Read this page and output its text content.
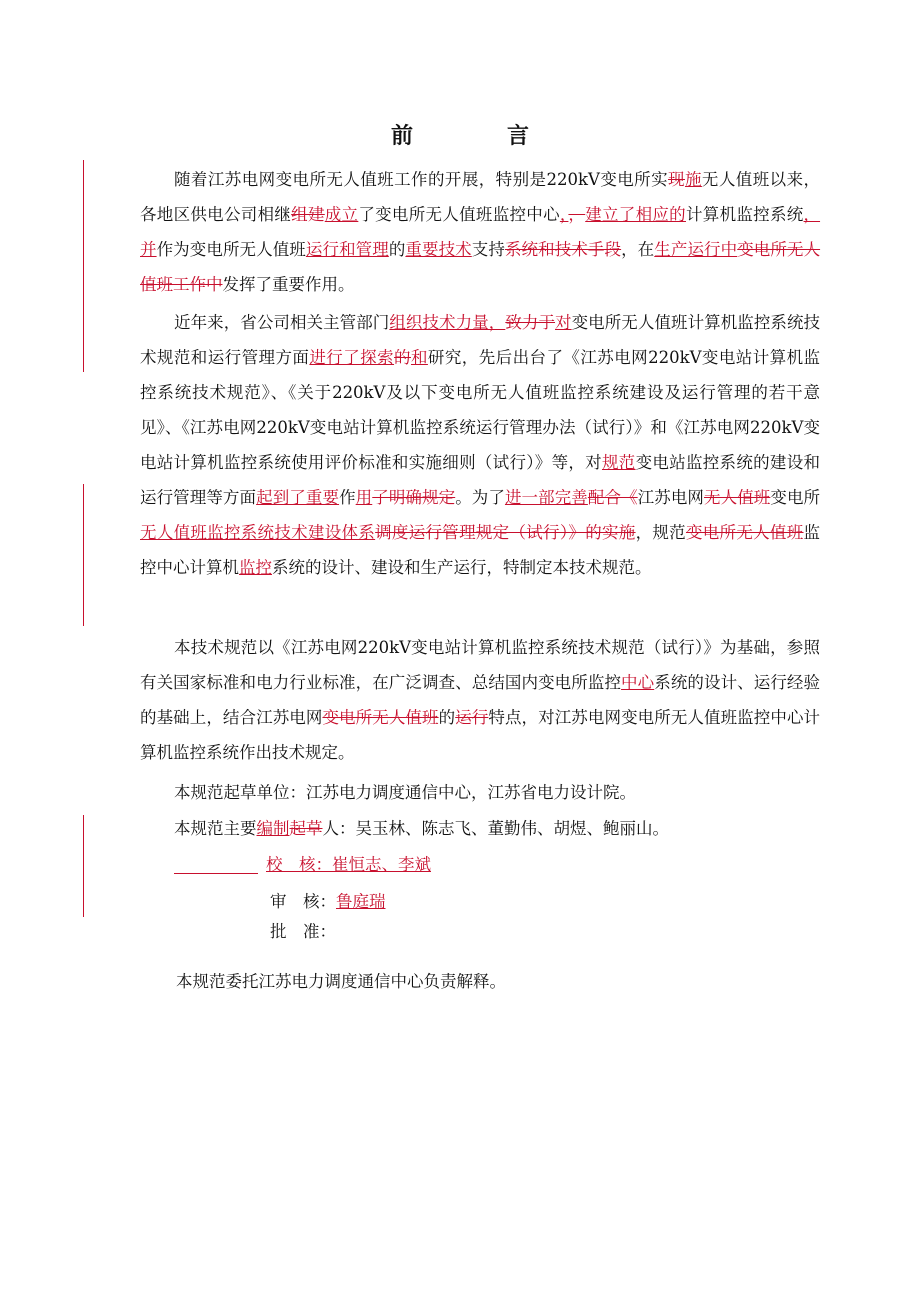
前　言
随着江苏电网变电所无人值班工作的开展，特别是220kV变电所实现施无人值班以来，各地区供电公司相继组建成立了变电所无人值班监控中心，，建立了相应的计算机监控系统，并作为变电所无人值班运行和管理的重要技术支持系统和技术手段，在生产运行中变电所无人值班工作中发挥了重要作用。
近年来，省公司相关主管部门组织技术力量，致力于对变电所无人值班计算机监控系统技术规范和运行管理方面进行了探索的和研究，先后出台了《江苏电网220kV变电站计算机监控系统技术规范》、《关于220kV及以下变电所无人值班监控系统建设及运行管理的若干意见》、《江苏电网220kV变电站计算机监控系统运行管理办法（试行）》和《江苏电网220kV变电站计算机监控系统使用评价标准和实施细则（试行）》等，对规范变电站监控系统的建设和运行管理等方面起到了重要作用了明确规定。为了进一部完善配合《江苏电网无人值班变电所无人值班监控系统技术建设体系调度运行管理规定（试行）》的实施，规范变电所无人值班监控中心计算机监控系统的设计、建设和生产运行，特制定本技术规范。
本技术规范以《江苏电网220kV变电站计算机监控系统技术规范（试行）》为基础，参照有关国家标准和电力行业标准，在广泛调查、总结国内变电所监控中心系统的设计、运行经验的基础上，结合江苏电网变电所无人值班的运行特点，对江苏电网变电所无人值班监控中心计算机监控系统作出技术规定。
本规范起草单位：江苏电力调度通信中心，江苏省电力设计院。
本规范主要编制起草人：吴玉林、陈志飞、董勤伟、胡煜、鲍丽山。
校　核：崔恒志、李斌
审　核：鲁庭瑞
批　准：
本规范委托江苏电力调度通信中心负责解释。
